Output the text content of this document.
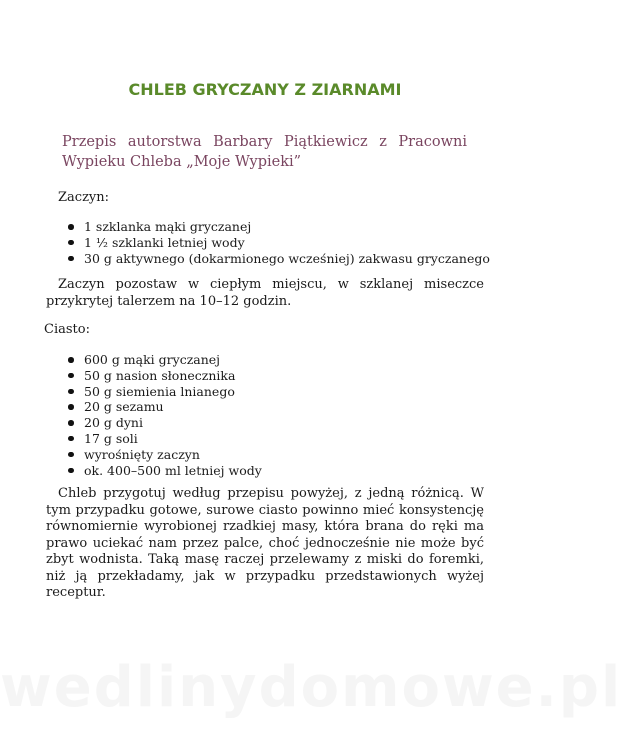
CHLEB GRYCZANY Z ZIARNAMI
Przepis autorstwa Barbary Piątkiewicz z Pracowni Wypieku Chleba „Moje Wypieki”
Zaczyn:
1 szklanka mąki gryczanej
1 ½ szklanki letniej wody
30 g aktywnego (dokarmionego wcześniej) zakwasu gryczanego
Zaczyn pozostaw w ciepłym miejscu, w szklanej miseczce przykrytej talerzem na 10–12 godzin.
Ciasto:
600 g mąki gryczanej
50 g nasion słonecznika
50 g siemienia lnianego
20 g sezamu
20 g dyni
17 g soli
wyrośnięty zaczyn
ok. 400–500 ml letniej wody
Chleb przygotuj według przepisu powyżej, z jedną różnicą. W tym przypadku gotowe, surowe ciasto powinno mieć konsystencję równomiernie wyrobionej rzadkiej masy, która brana do ręki ma prawo uciekać nam przez palce, choć jednocześnie nie może być zbyt wodnista. Taką masę raczej przelewamy z miski do foremki, niż ją przekładamy, jak w przypadku przedstawionych wyżej receptur.
wedlinydomowe.pl
